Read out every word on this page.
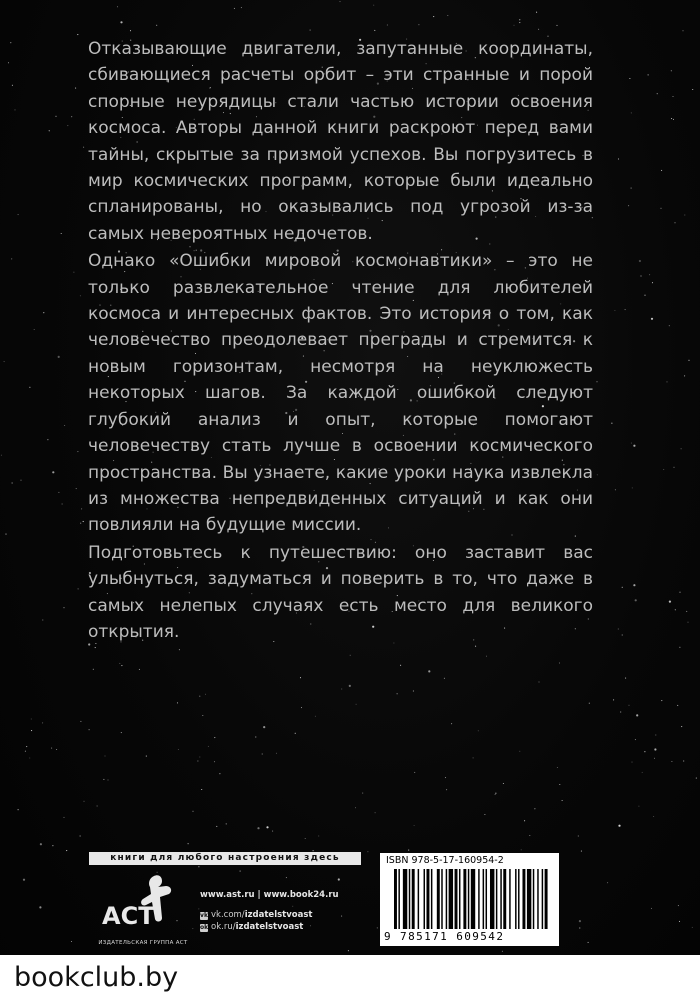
Отказывающие двигатели, запутанные координаты, сбивающиеся расчеты орбит – эти странные и порой спорные неурядицы стали частью истории освоения космоса. Авторы данной книги раскроют перед вами тайны, скрытые за призмой успехов. Вы погрузитесь в мир космических программ, которые были идеально спланированы, но оказывались под угрозой из-за самых невероятных недочетов.

Однако «Ошибки мировой космонавтики» – это не только развлекательное чтение для любителей космоса и интересных фактов. Это история о том, как человечество преодолевает преграды и стремится к новым горизонтам, несмотря на неуклюжесть некоторых шагов. За каждой ошибкой следуют глубокий анализ и опыт, которые помогают человечеству стать лучше в освоении космического пространства. Вы узнаете, какие уроки наука извлекла из множества непредвиденных ситуаций и как они повлияли на будущие миссии.

Подготовьтесь к путешествию: оно заставит вас улыбнуться, задуматься и поверить в то, что даже в самых нелепых случаях есть место для великого открытия.

книги для любого настроения здесь
АСТ
ИЗДАТЕЛЬСКАЯ ГРУППА АСТ
www.ast.ru | www.book24.ru
vk vk.com/ izdatelstvoast
ok ok.ru/ izdatelstvoast
ISBN 978-5-17-160954-2
9 785171 609542
bookclub.by
